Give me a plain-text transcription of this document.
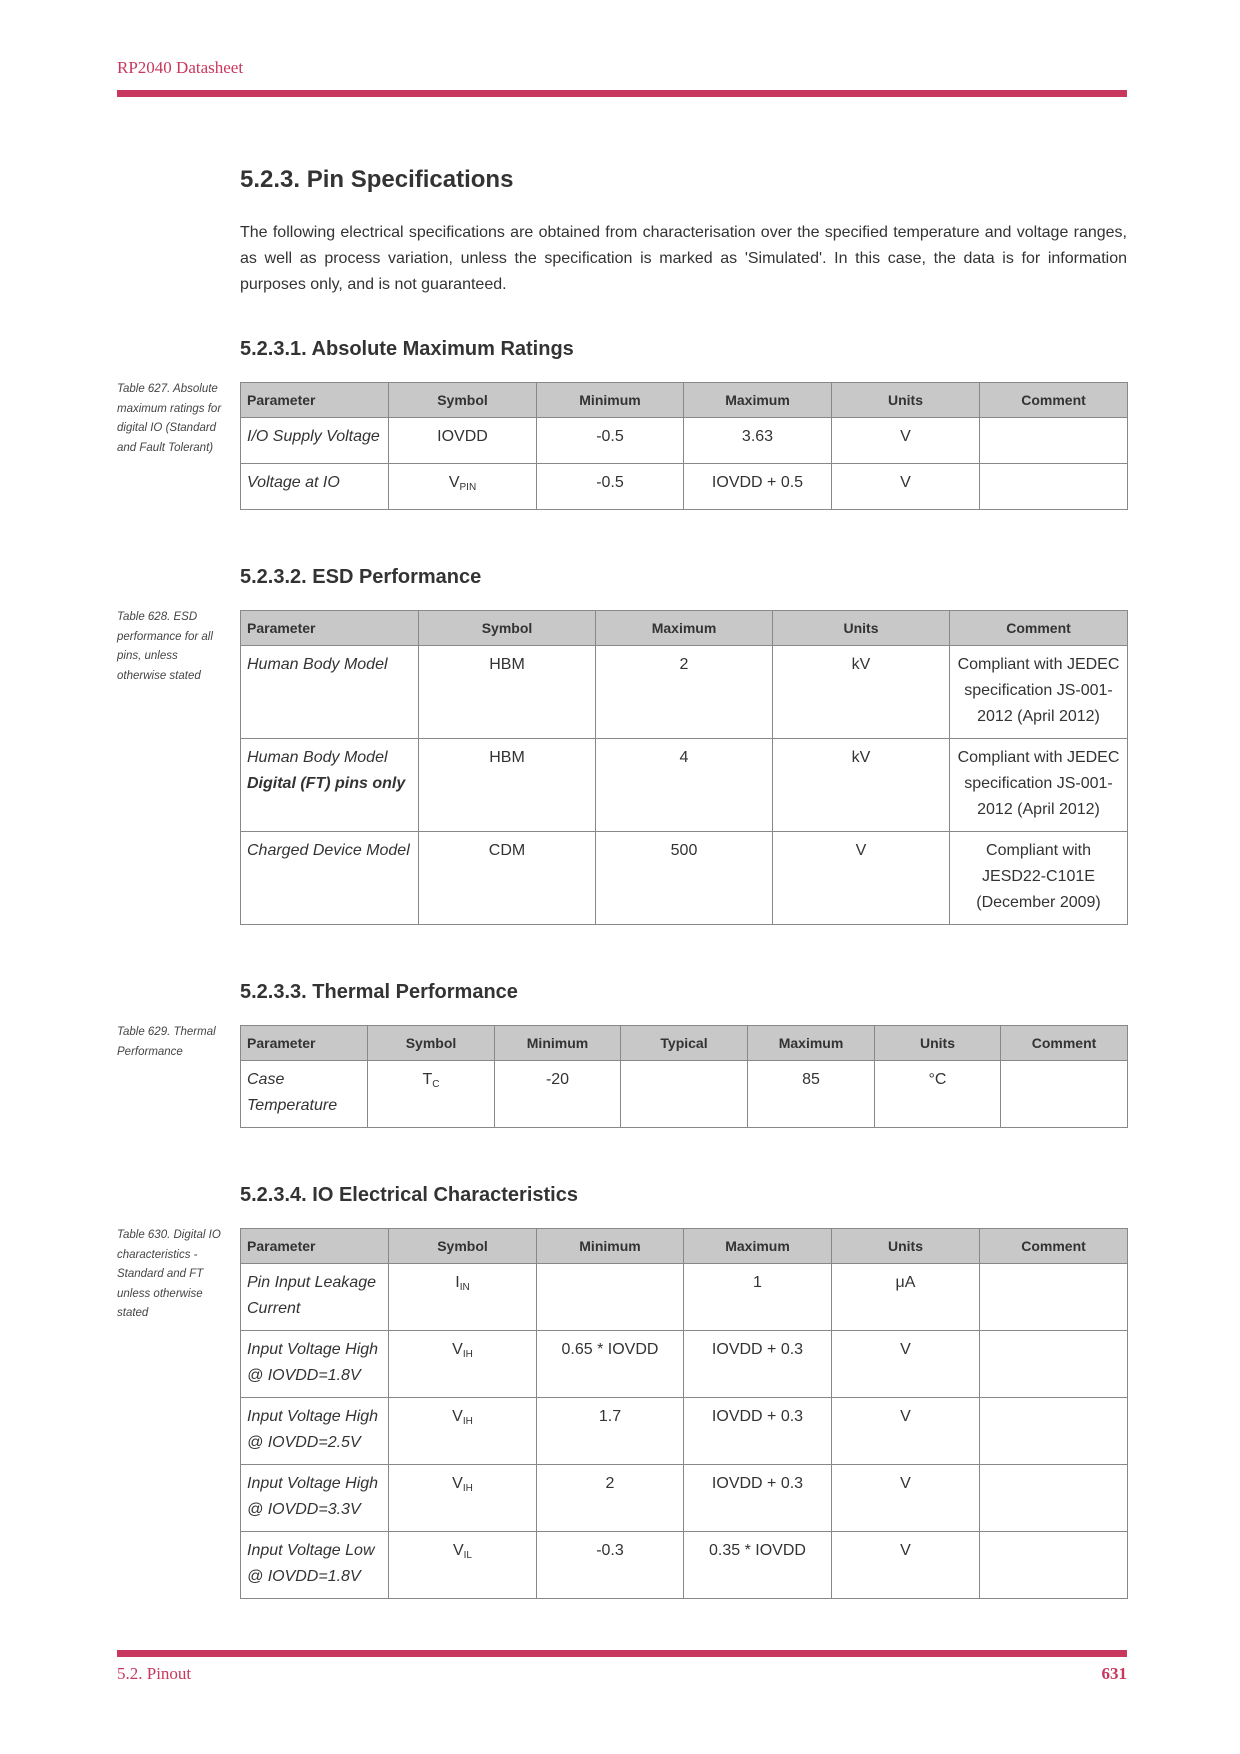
RP2040 Datasheet
5.2.3. Pin Specifications

The following electrical specifications are obtained from characterisation over the specified temperature and voltage ranges, as well as process variation, unless the specification is marked as 'Simulated'. In this case, the data is for information purposes only, and is not guaranteed.

5.2.3.1. Absolute Maximum Ratings
Table 627. Absolute maximum ratings for digital IO (Standard and Fault Tolerant)
Parameter	Symbol	Minimum	Maximum	Units	Comment
I/O Supply Voltage	IOVDD	-0.5	3.63	V	
Voltage at IO	$V_{PIN}$	-0.5	IOVDD + 0.5	V	
5.2.3.2. ESD Performance
Table 628. ESD performance for all pins, unless otherwise stated
Parameter	Symbol	Maximum	Units	Comment
Human Body Model	HBM	2	kV	Compliant with JEDEC specification JS-001-2012 (April 2012)
Human Body Model
Digital (FT) pins only	HBM	4	kV	Compliant with JEDEC specification JS-001-2012 (April 2012)
Charged Device Model	CDM	500	V	Compliant with JESD22-C101E (December 2009)
5.2.3.3. Thermal Performance
Table 629. Thermal Performance
Parameter	Symbol	Minimum	Typical	Maximum	Units	Comment
Case Temperature	$T_C$	-20		85	°C	
5.2.3.4. IO Electrical Characteristics
Table 630. Digital IO characteristics - Standard and FT unless otherwise stated
Parameter	Symbol	Minimum	Maximum	Units	Comment
Pin Input Leakage Current	$I_{IN}$		1	μA	
Input Voltage High @ IOVDD=1.8V	$V_{IH}$	0.65 * IOVDD	IOVDD + 0.3	V	
Input Voltage High @ IOVDD=2.5V	$V_{IH}$	1.7	IOVDD + 0.3	V	
Input Voltage High @ IOVDD=3.3V	$V_{IH}$	2	IOVDD + 0.3	V	
Input Voltage Low @ IOVDD=1.8V	$V_{IL}$	-0.3	0.35 * IOVDD	V	
5.2. Pinout	631
